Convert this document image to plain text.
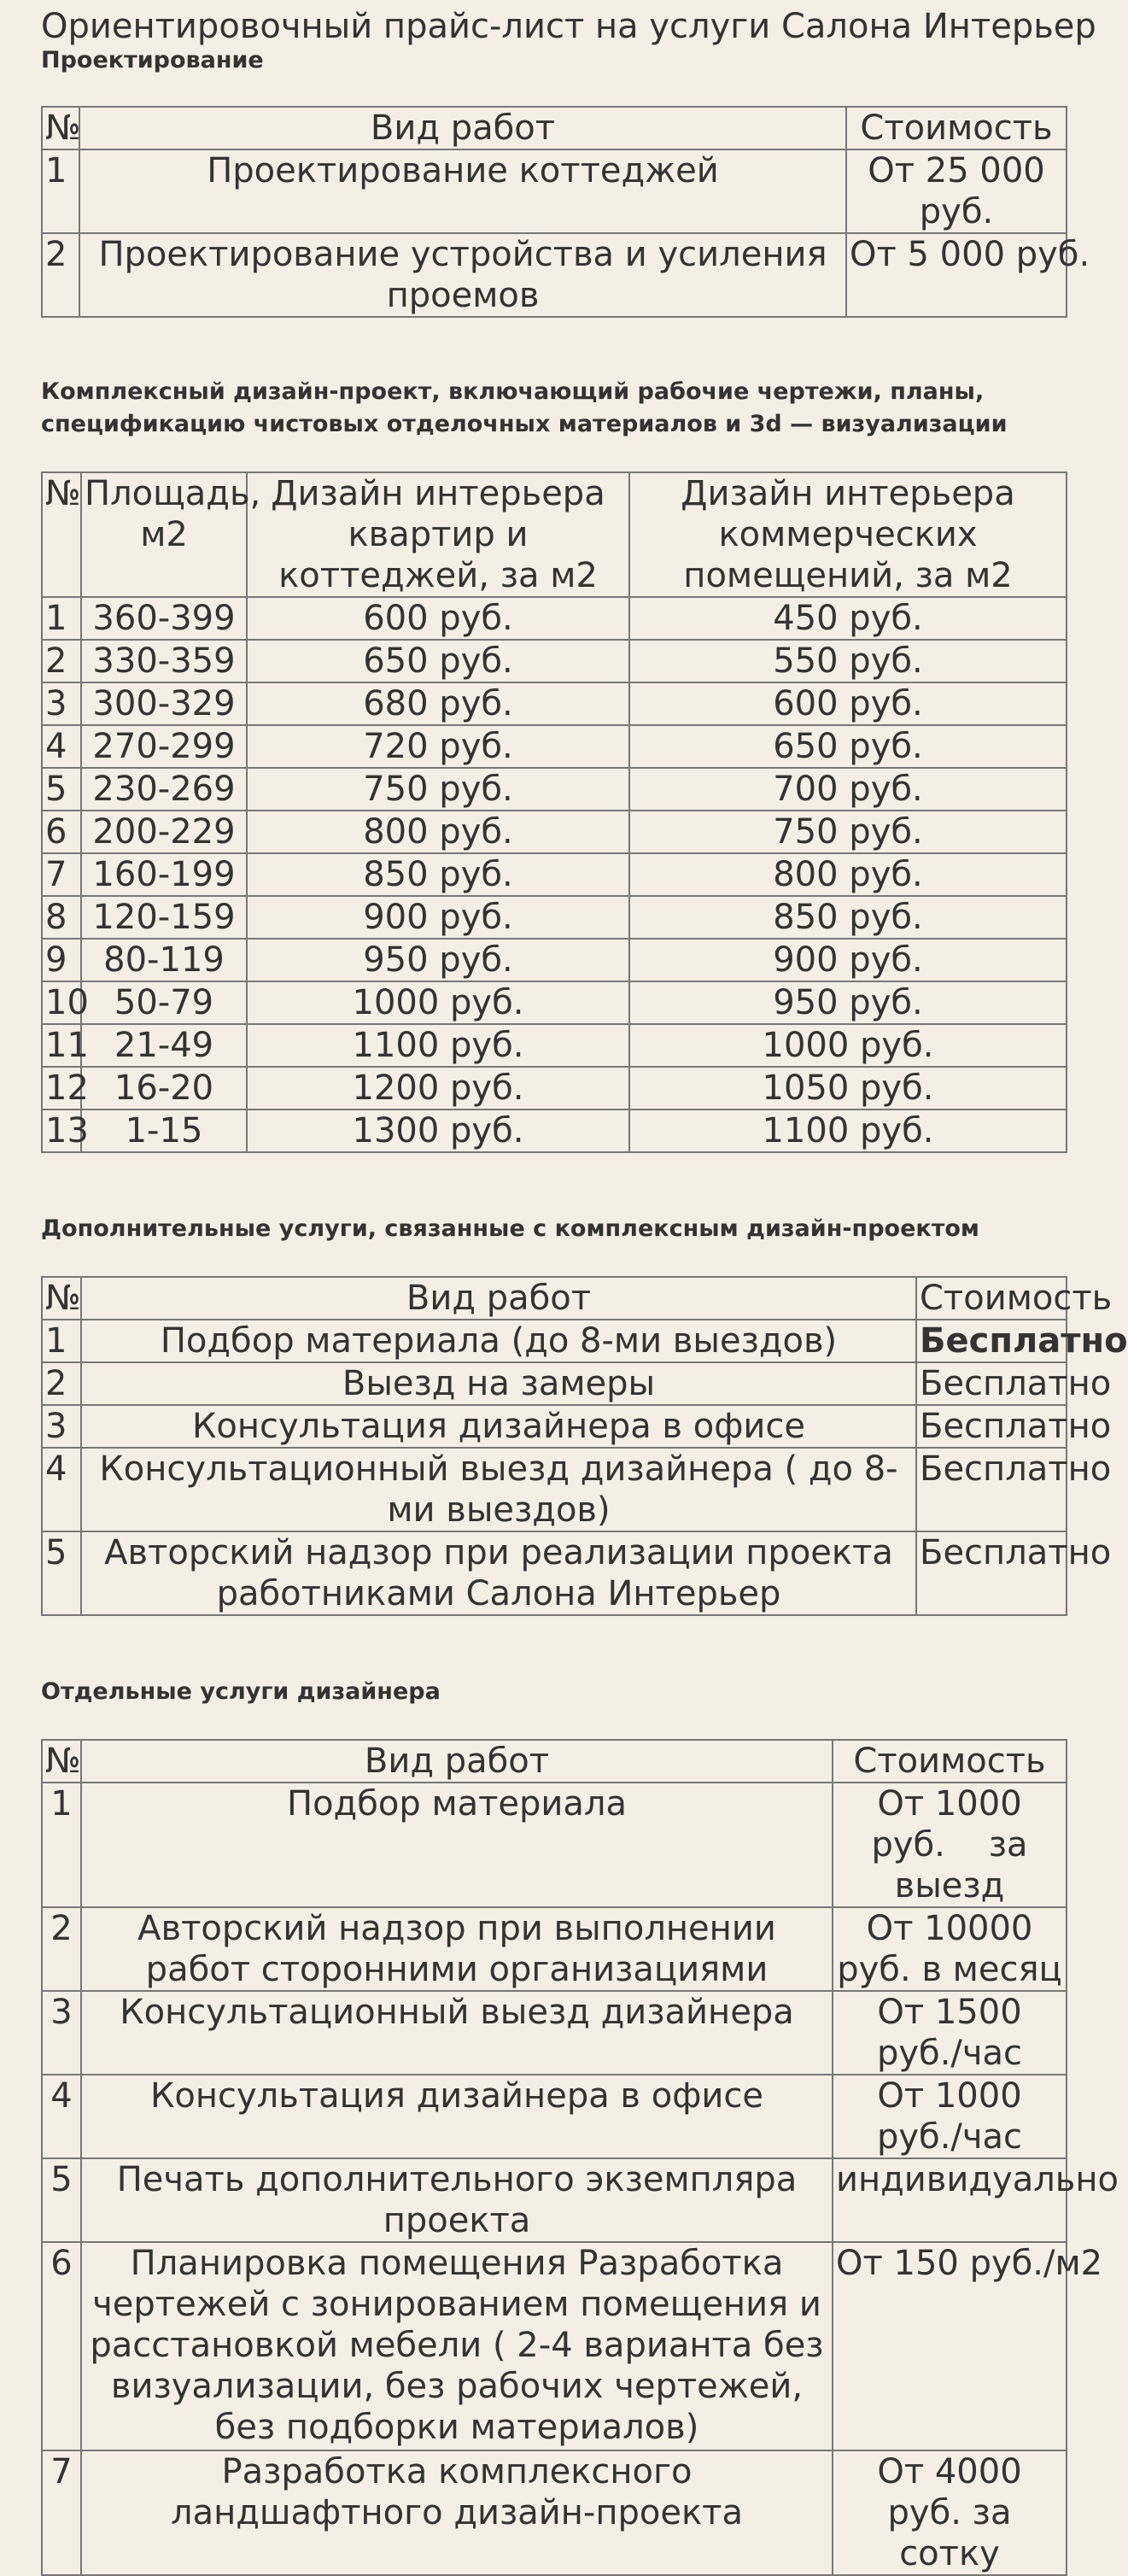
Ориентировочный прайс-лист на услуги Салона Интерьер
Проектирование
№	Вид работ	Стоимость
1	Проектирование коттеджей	От 25 000 руб.
2	Проектирование устройства и усиления проемов	От 5 000 руб.
Комплексный дизайн-проект, включающий рабочие чертежи, планы,
спецификацию чистовых отделочных материалов и 3d — визуализации
№	Площадь, м2	Дизайн интерьера квартир и коттеджей, за м2	Дизайн интерьера коммерческих помещений, за м2
1	360-399	600 руб.	450 руб.
2	330-359	650 руб.	550 руб.
3	300-329	680 руб.	600 руб.
4	270-299	720 руб.	650 руб.
5	230-269	750 руб.	700 руб.
6	200-229	800 руб.	750 руб.
7	160-199	850 руб.	800 руб.
8	120-159	900 руб.	850 руб.
9	80-119	950 руб.	900 руб.
10	50-79	1000 руб.	950 руб.
11	21-49	1100 руб.	1000 руб.
12	16-20	1200 руб.	1050 руб.
13	1-15	1300 руб.	1100 руб.
Дополнительные услуги, связанные с комплексным дизайн-проектом
№	Вид работ	Стоимость
1	Подбор материала (до 8-ми выездов)	Бесплатно
2	Выезд на замеры	Бесплатно
3	Консультация дизайнера в офисе	Бесплатно
4	Консультационный выезд дизайнера ( до 8-ми выездов)	Бесплатно
5	Авторский надзор при реализации проекта работниками Салона Интерьер	Бесплатно
Отдельные услуги дизайнера
№	Вид работ	Стоимость
1	Подбор материала	От 1000 руб.    за выезд
2	Авторский надзор при выполнении работ сторонними организациями	От 10000 руб. в месяц
3	Консультационный выезд дизайнера	От 1500 руб./час
4	Консультация дизайнера в офисе	От 1000 руб./час
5	Печать дополнительного экземпляра проекта	индивидуально
6	Планировка помещения Разработка чертежей с зонированием помещения и расстановкой мебели ( 2-4 варианта без визуализации, без рабочих чертежей, без подборки материалов)	От 150 руб./м2
7	Разработка комплексного ландшафтного дизайн-проекта	От 4000 руб. за сотку
